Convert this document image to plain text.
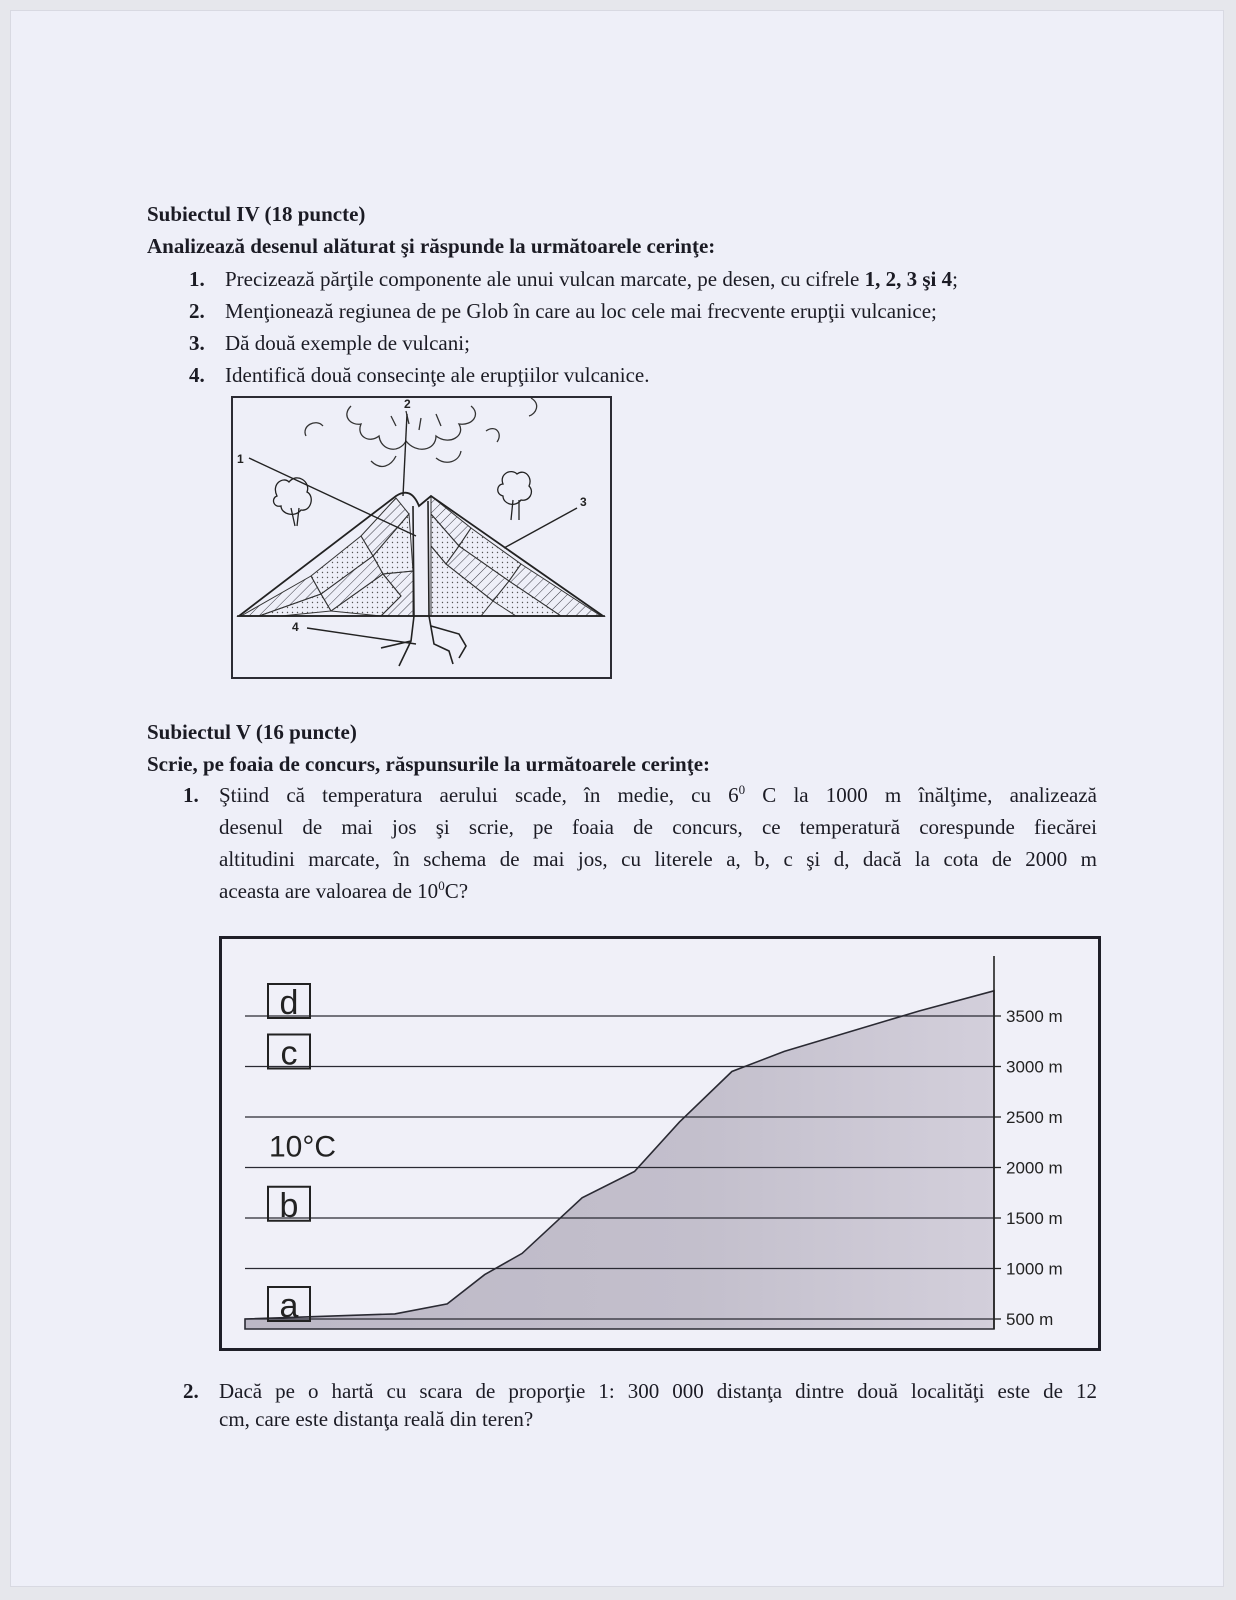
Subiectul IV (18 puncte)
Analizează desenul alăturat şi răspunde la următoarele cerinţe:
1. Precizează părţile componente ale unui vulcan marcate, pe desen, cu cifrele 1, 2, 3 şi 4;
2. Menţionează regiunea de pe Glob în care au loc cele mai frecvente erupţii vulcanice;
3. Dă două exemple de vulcani;
4. Identifică două consecinţe ale erupţiilor vulcanice.
1
2
3
4
Subiectul V (16 puncte)
Scrie, pe foaia de concurs, răspunsurile la următoarele cerinţe:
1. Ştiind că temperatura aerului scade, în medie, cu $6^0$ C la 1000 m înălţime, analizează
desenul de mai jos şi scrie, pe foaia de concurs, ce temperatură corespunde fiecărei
altitudini marcate, în schema de mai jos, cu literele a, b, c şi d, dacă la cota de 2000 m
aceasta are valoarea de $10^0C$?
500 m
1000 m
1500 m
2000 m
2500 m
3000 m
3500 m
a
b
10°C
c
d
2. Dacă pe o hartă cu scara de proporţie 1: 300 000 distanţa dintre două localităţi este de 12
cm, care este distanţa reală din teren?
